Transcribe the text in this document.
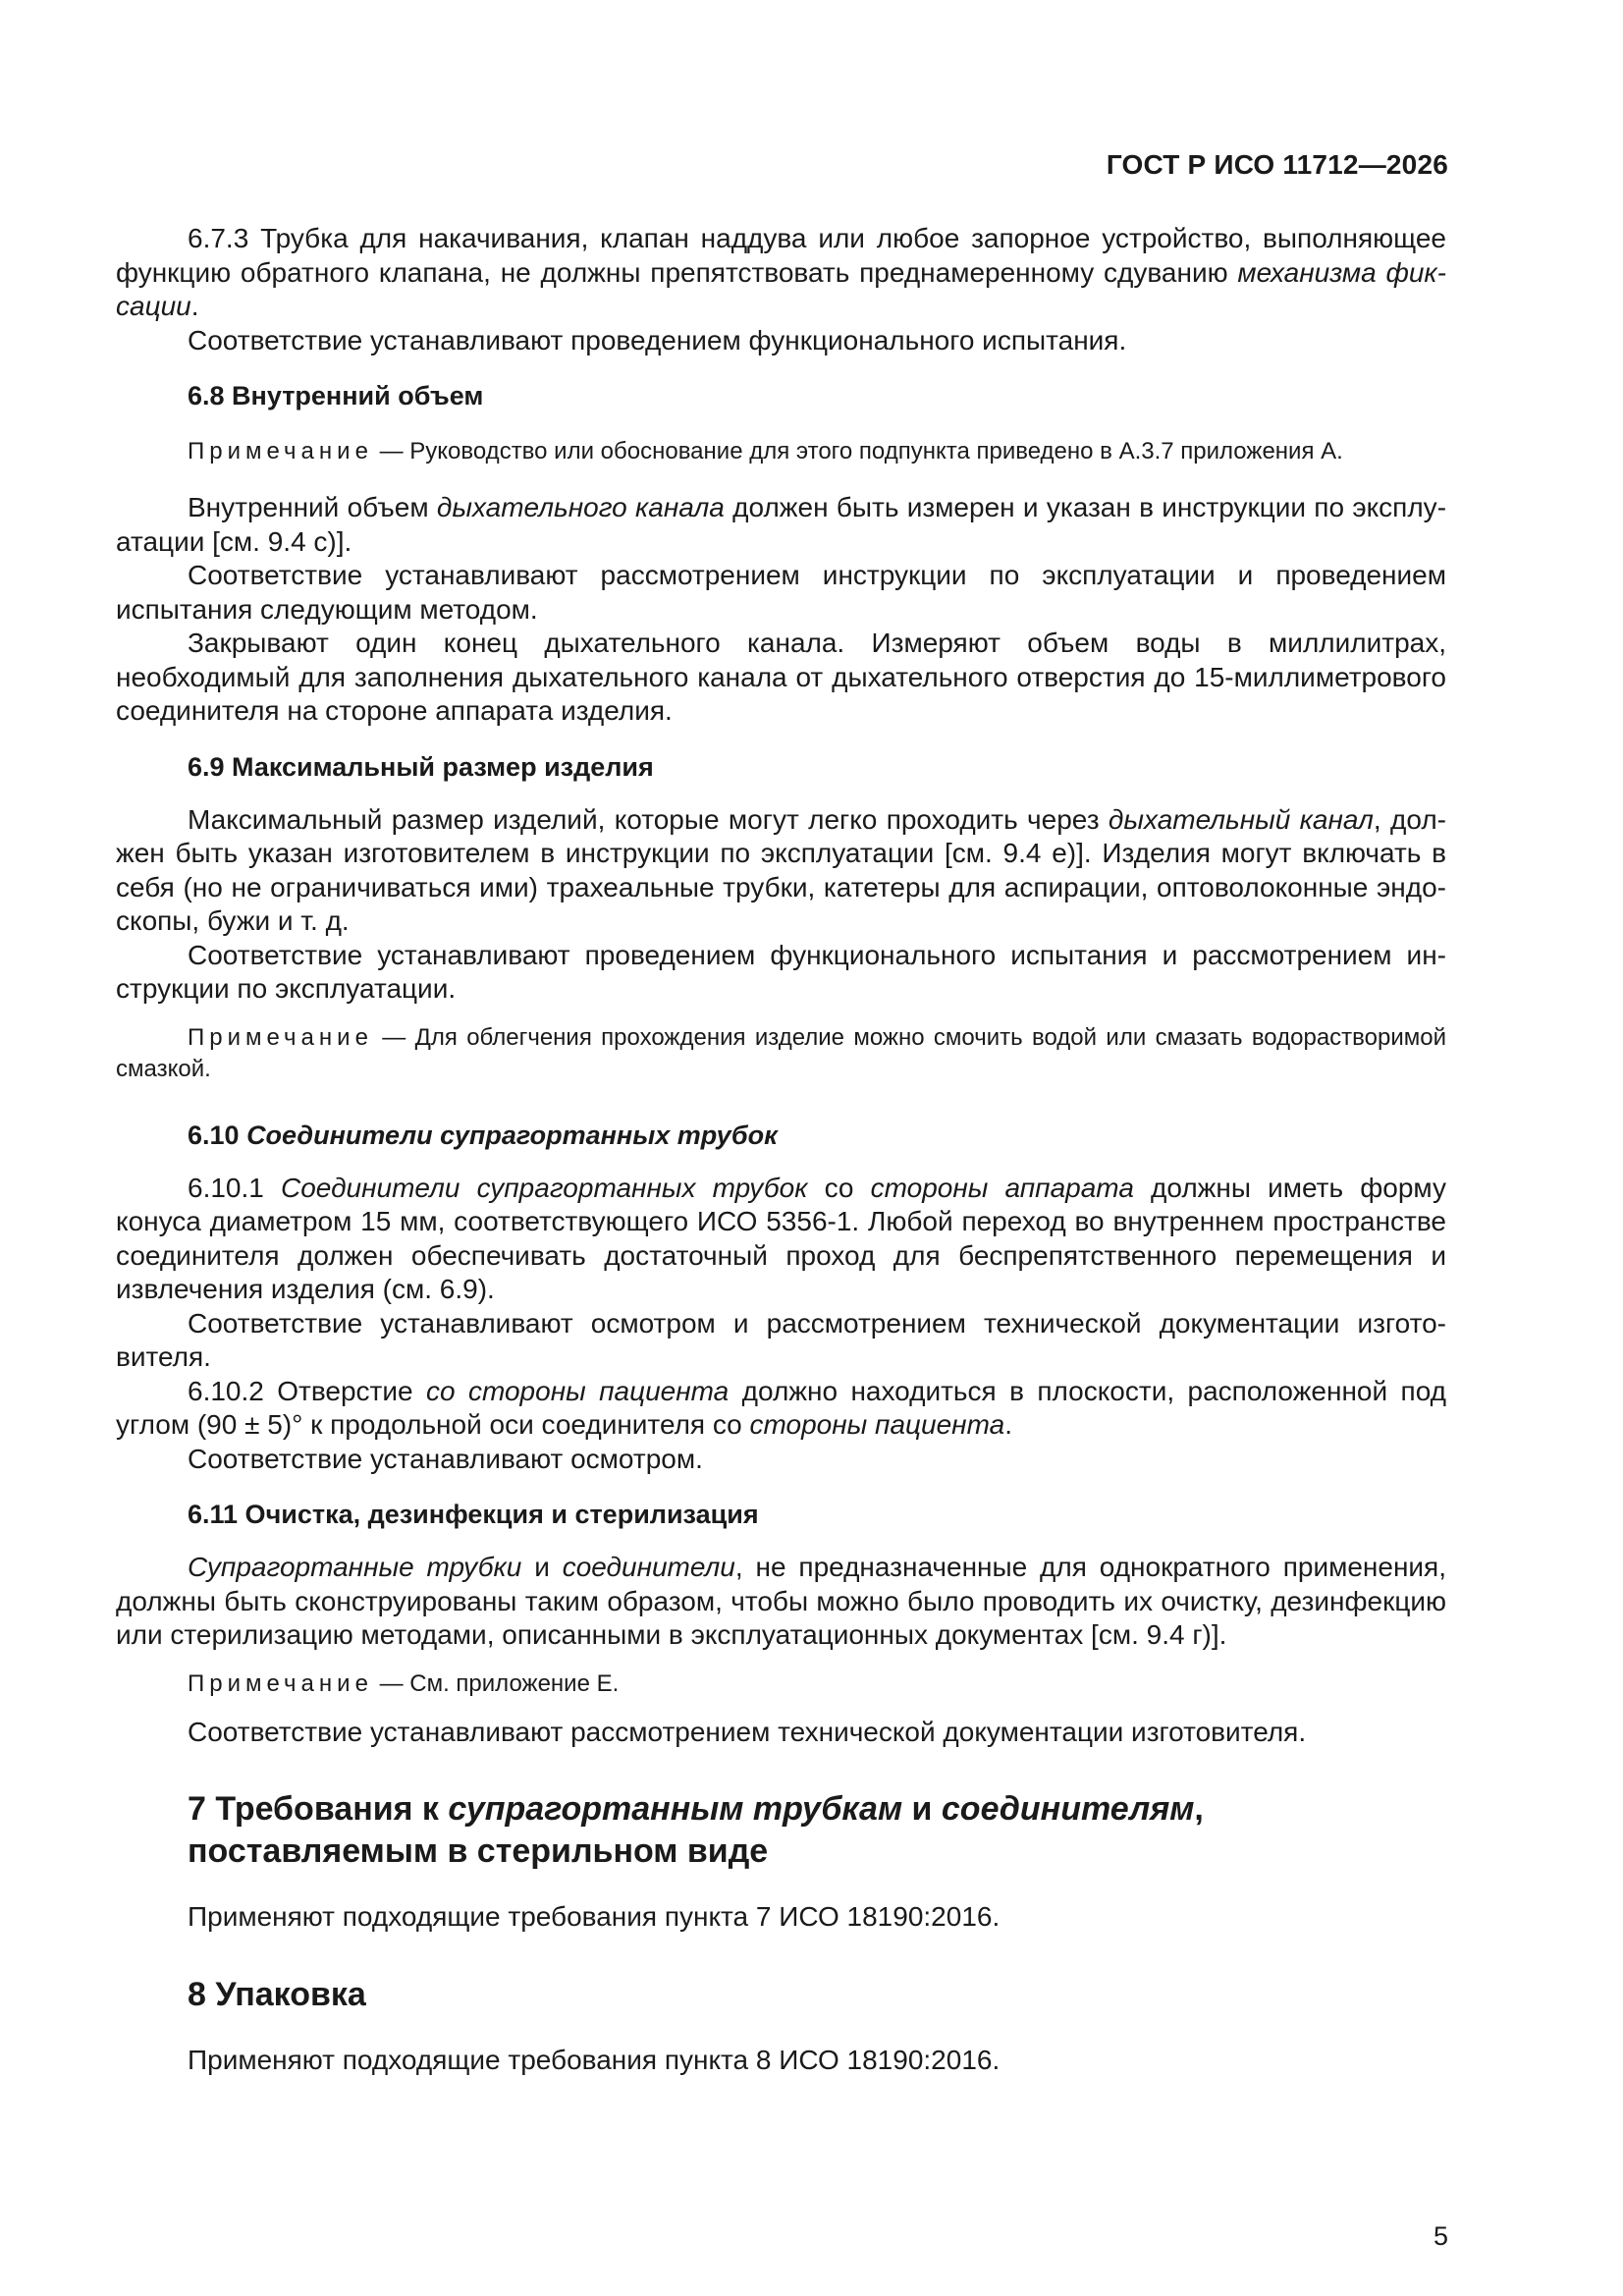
ГОСТ Р ИСО 11712—2026

6.7.3 Трубка для накачивания, клапан наддува или любое запорное устройство, выполняющее функцию обратного клапана, не должны препятствовать преднамеренному сдуванию механизма фиксации.

Соответствие устанавливают проведением функционального испытания.

6.8 Внутренний объем
Примечание — Руководство или обоснование для этого подпункта приведено в А.3.7 приложения А.

Внутренний объем дыхательного канала должен быть измерен и указан в инструкции по эксплуатации [см. 9.4 с)].

Соответствие устанавливают рассмотрением инструкции по эксплуатации и проведением испытания следующим методом.

Закрывают один конец дыхательного канала. Измеряют объем воды в миллилитрах, необходимый для заполнения дыхательного канала от дыхательного отверстия до 15-миллиметрового соединителя на стороне аппарата изделия.

6.9 Максимальный размер изделия

Максимальный размер изделий, которые могут легко проходить через дыхательный канал, должен быть указан изготовителем в инструкции по эксплуатации [см. 9.4 е)]. Изделия могут включать в себя (но не ограничиваться ими) трахеальные трубки, катетеры для аспирации, оптоволоконные эндоскопы, бужи и т. д.

Соответствие устанавливают проведением функционального испытания и рассмотрением инструкции по эксплуатации.

Примечание — Для облегчения прохождения изделие можно смочить водой или смазать водорастворимой смазкой.
6.10 Соединители супрагортанных трубок

6.10.1 Соединители супрагортанных трубок со стороны аппарата должны иметь форму конуса диаметром 15 мм, соответствующего ИСО 5356-1. Любой переход во внутреннем пространстве соединителя должен обеспечивать достаточный проход для беспрепятственного перемещения и извлечения изделия (см. 6.9).

Соответствие устанавливают осмотром и рассмотрением технической документации изготовителя.

6.10.2 Отверстие со стороны пациента должно находиться в плоскости, расположенной под углом (90 ± 5)° к продольной оси соединителя со стороны пациента.

Соответствие устанавливают осмотром.

6.11 Очистка, дезинфекция и стерилизация

Супрагортанные трубки и соединители, не предназначенные для однократного применения, должны быть сконструированы таким образом, чтобы можно было проводить их очистку, дезинфекцию или стерилизацию методами, описанными в эксплуатационных документах [см. 9.4 г)].

Примечание — См. приложение Е.

Соответствие устанавливают рассмотрением технической документации изготовителя.

7 Требования к супрагортанным трубкам и соединителям,
поставляемым в стерильном виде

Применяют подходящие требования пункта 7 ИСО 18190:2016.

8 Упаковка

Применяют подходящие требования пункта 8 ИСО 18190:2016.

5
